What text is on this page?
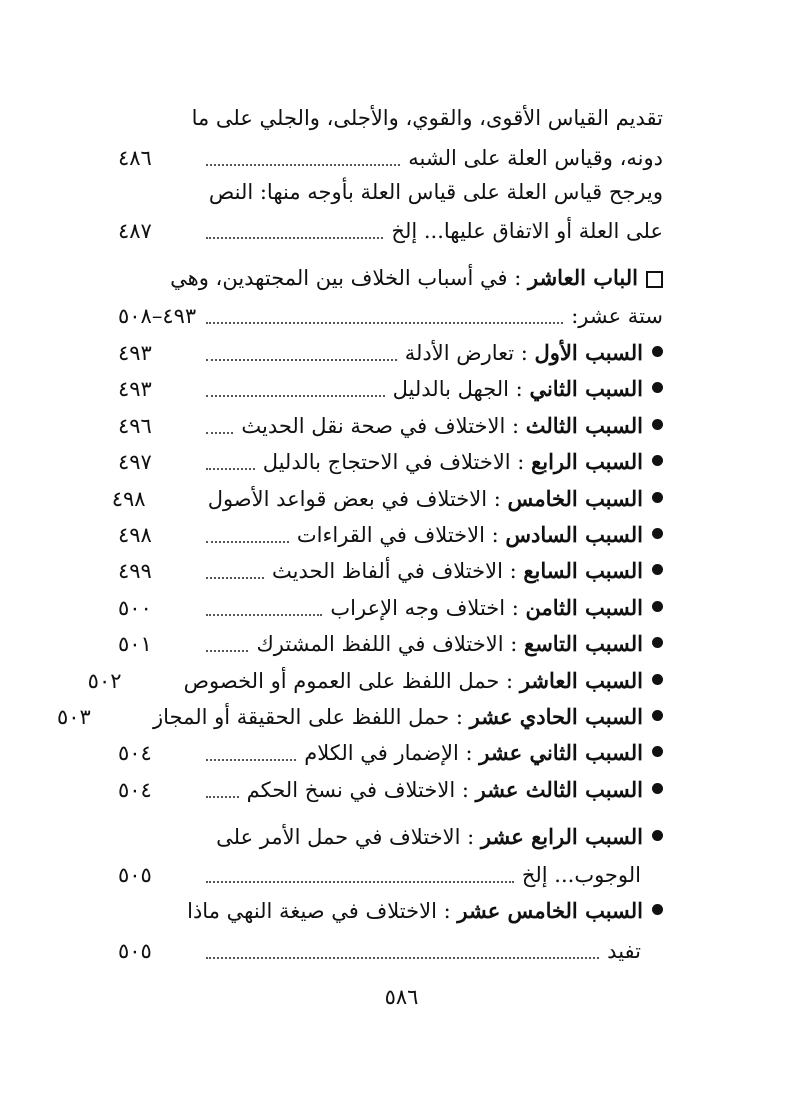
تقديم القياس الأقوى، والقوي، والأجلى، والجلي على ما
دونه، وقياس العلة على الشبه
٤٨٦
ويرجح قياس العلة على قياس العلة بأوجه منها: النص
على العلة أو الاتفاق عليها... إلخ
٤٨٧
الباب العاشر : في أسباب الخلاف بين المجتهدين، وهي
ستة عشر:
٤٩٣–٥٠٨
السبب الأول : تعارض الأدلة
٤٩٣
السبب الثاني : الجهل بالدليل
٤٩٣
السبب الثالث : الاختلاف في صحة نقل الحديث
٤٩٦
السبب الرابع : الاختلاف في الاحتجاج بالدليل
٤٩٧
السبب الخامس : الاختلاف في بعض قواعد الأصول
٤٩٨
السبب السادس : الاختلاف في القراءات
٤٩٨
السبب السابع : الاختلاف في ألفاظ الحديث
٤٩٩
السبب الثامن : اختلاف وجه الإعراب
٥٠٠
السبب التاسع : الاختلاف في اللفظ المشترك
٥٠١
السبب العاشر : حمل اللفظ على العموم أو الخصوص
٥٠٢
السبب الحادي عشر : حمل اللفظ على الحقيقة أو المجاز
٥٠٣
السبب الثاني عشر : الإضمار في الكلام
٥٠٤
السبب الثالث عشر : الاختلاف في نسخ الحكم
٥٠٤
السبب الرابع عشر : الاختلاف في حمل الأمر على
الوجوب... إلخ
٥٠٥
السبب الخامس عشر : الاختلاف في صيغة النهي ماذا
تفيد
٥٠٥
٥٨٦
